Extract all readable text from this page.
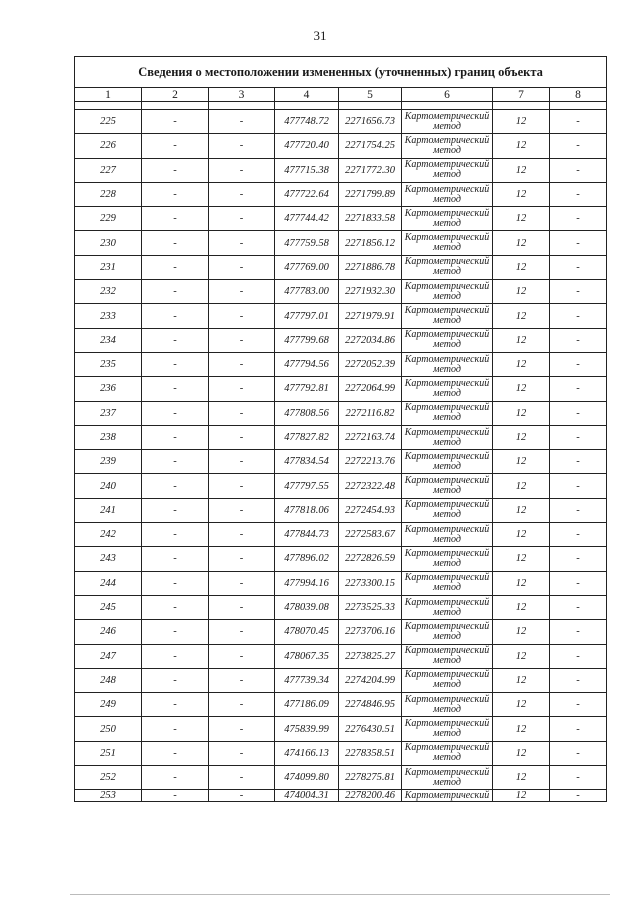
31
Сведения о местоположении измененных (уточненных) границ объекта							
1	2	3	4	5	6	7	8

225	-	-	477748.72	2271656.73	Картометрический метод	12	-
226	-	-	477720.40	2271754.25	Картометрический метод	12	-
227	-	-	477715.38	2271772.30	Картометрический метод	12	-
228	-	-	477722.64	2271799.89	Картометрический метод	12	-
229	-	-	477744.42	2271833.58	Картометрический метод	12	-
230	-	-	477759.58	2271856.12	Картометрический метод	12	-
231	-	-	477769.00	2271886.78	Картометрический метод	12	-
232	-	-	477783.00	2271932.30	Картометрический метод	12	-
233	-	-	477797.01	2271979.91	Картометрический метод	12	-
234	-	-	477799.68	2272034.86	Картометрический метод	12	-
235	-	-	477794.56	2272052.39	Картометрический метод	12	-
236	-	-	477792.81	2272064.99	Картометрический метод	12	-
237	-	-	477808.56	2272116.82	Картометрический метод	12	-
238	-	-	477827.82	2272163.74	Картометрический метод	12	-
239	-	-	477834.54	2272213.76	Картометрический метод	12	-
240	-	-	477797.55	2272322.48	Картометрический метод	12	-
241	-	-	477818.06	2272454.93	Картометрический метод	12	-
242	-	-	477844.73	2272583.67	Картометрический метод	12	-
243	-	-	477896.02	2272826.59	Картометрический метод	12	-
244	-	-	477994.16	2273300.15	Картометрический метод	12	-
245	-	-	478039.08	2273525.33	Картометрический метод	12	-
246	-	-	478070.45	2273706.16	Картометрический метод	12	-
247	-	-	478067.35	2273825.27	Картометрический метод	12	-
248	-	-	477739.34	2274204.99	Картометрический метод	12	-
249	-	-	477186.09	2274846.95	Картометрический метод	12	-
250	-	-	475839.99	2276430.51	Картометрический метод	12	-
251	-	-	474166.13	2278358.51	Картометрический метод	12	-
252	-	-	474099.80	2278275.81	Картометрический метод	12	-
253	-	-	474004.31	2278200.46	Картометрический	12	-
